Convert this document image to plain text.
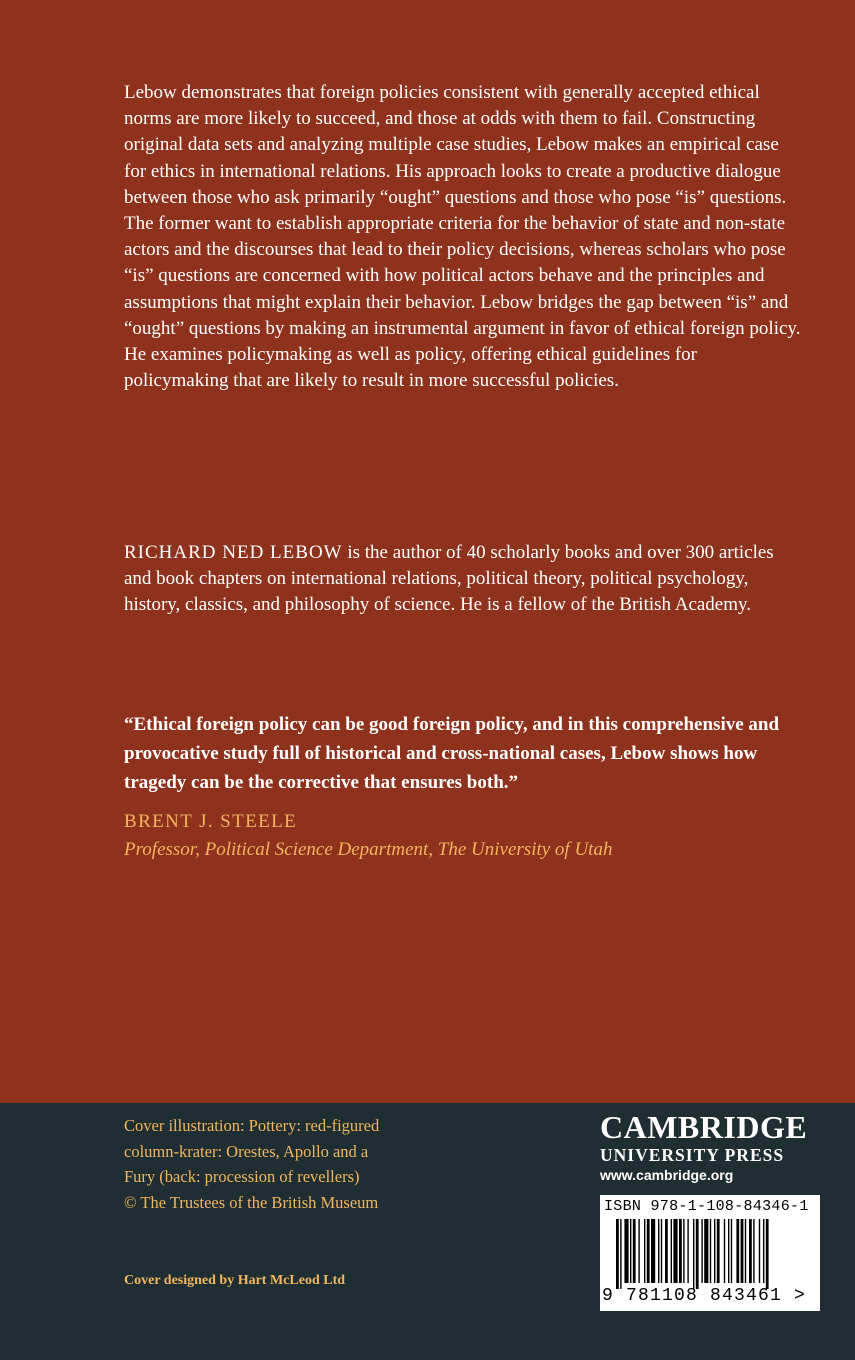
Lebow demonstrates that foreign policies consistent with generally accepted ethical norms are more likely to succeed, and those at odds with them to fail. Constructing original data sets and analyzing multiple case studies, Lebow makes an empirical case for ethics in international relations. His approach looks to create a productive dialogue between those who ask primarily “ought” questions and those who pose “is” questions. The former want to establish appropriate criteria for the behavior of state and non-state actors and the discourses that lead to their policy decisions, whereas scholars who pose “is” questions are concerned with how political actors behave and the principles and assumptions that might explain their behavior. Lebow bridges the gap between “is” and “ought” questions by making an instrumental argument in favor of ethical foreign policy. He examines policymaking as well as policy, offering ethical guidelines for policymaking that are likely to result in more successful policies.

RICHARD NED LEBOW is the author of 40 scholarly books and over 300 articles and book chapters on international relations, political theory, political psychology, history, classics, and philosophy of science. He is a fellow of the British Academy.

“Ethical foreign policy can be good foreign policy, and in this comprehensive and provocative study full of historical and cross-national cases, Lebow shows how tragedy can be the corrective that ensures both.”

BRENT J. STEELE

Professor, Political Science Department, The University of Utah

Cover illustration: Pottery: red-figured
column-krater: Orestes, Apollo and a
Fury (back: procession of revellers)
© The Trustees of the British Museum

Cover designed by Hart McLeod Ltd

CAMBRIDGE
UNIVERSITY PRESS
www.cambridge.org
ISBN 978-1-108-84346-1
9 781108 843461 >
